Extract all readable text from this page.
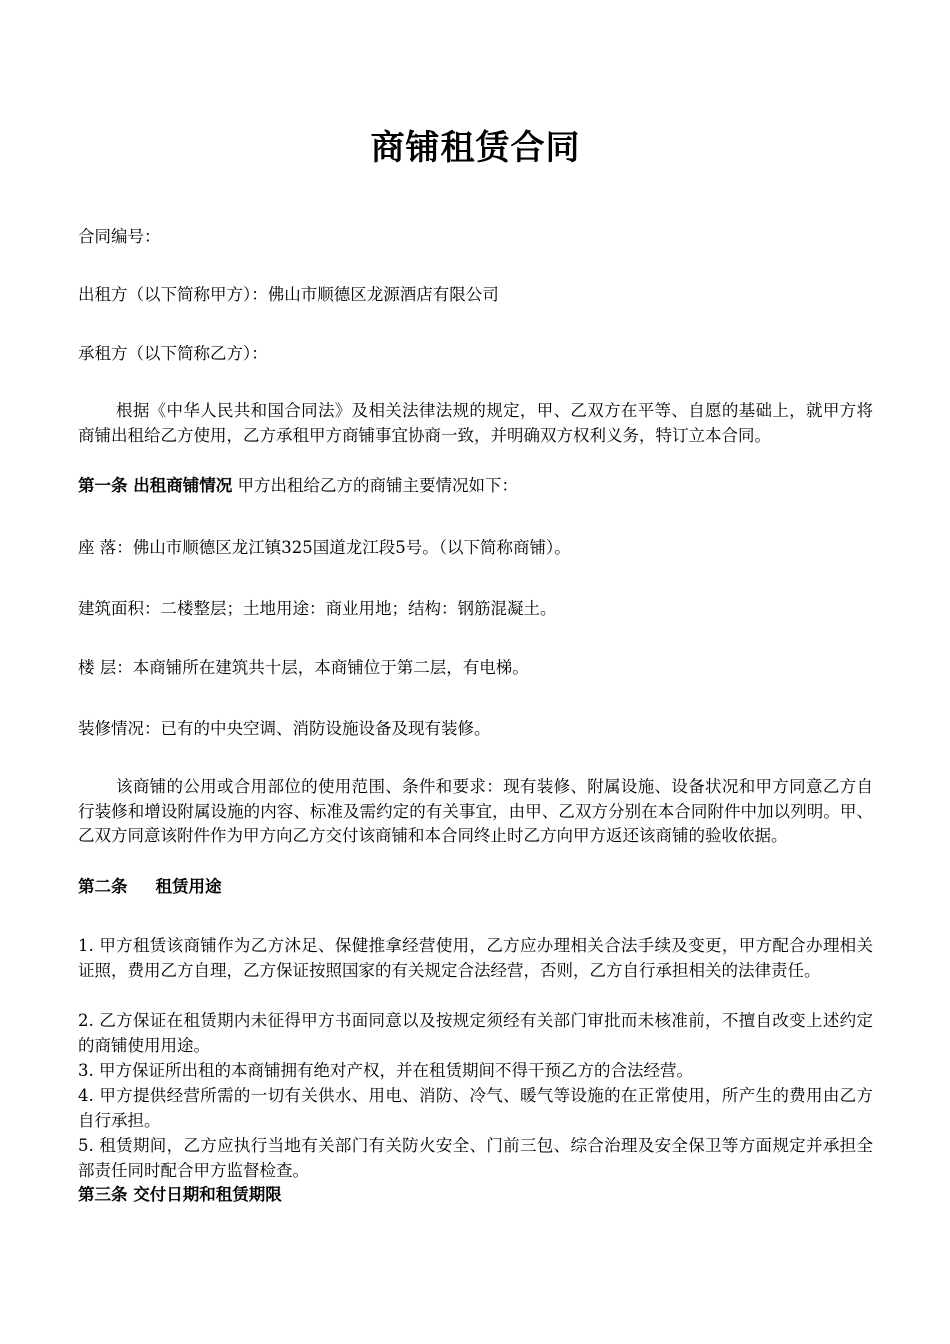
商铺租赁合同
合同编号：
出租方（以下简称甲方）：佛山市顺德区龙源酒店有限公司
承租方（以下简称乙方）：
根据《中华人民共和国合同法》及相关法律法规的规定，甲、乙双方在平等、自愿的基础上，就甲方将商铺出租给乙方使用，乙方承租甲方商铺事宜协商一致，并明确双方权利义务，特订立本合同。
第一条 出租商铺情况 甲方出租给乙方的商铺主要情况如下：
座 落：佛山市顺德区龙江镇325国道龙江段5号。（以下简称商铺）。
建筑面积：二楼整层；土地用途：商业用地；结构：钢筋混凝土。
楼 层：本商铺所在建筑共十层，本商铺位于第二层，有电梯。
装修情况：已有的中央空调、消防设施设备及现有装修。
该商铺的公用或合用部位的使用范围、条件和要求：现有装修、附属设施、设备状况和甲方同意乙方自行装修和增设附属设施的内容、标准及需约定的有关事宜，由甲、乙双方分别在本合同附件中加以列明。甲、乙双方同意该附件作为甲方向乙方交付该商铺和本合同终止时乙方向甲方返还该商铺的验收依据。
第二条 租赁用途
1. 甲方租赁该商铺作为乙方沐足、保健推拿经营使用，乙方应办理相关合法手续及变更，甲方配合办理相关证照，费用乙方自理，乙方保证按照国家的有关规定合法经营，否则，乙方自行承担相关的法律责任。
2. 乙方保证在租赁期内未征得甲方书面同意以及按规定须经有关部门审批而未核准前，不擅自改变上述约定的商铺使用用途。
3. 甲方保证所出租的本商铺拥有绝对产权，并在租赁期间不得干预乙方的合法经营。
4. 甲方提供经营所需的一切有关供水、用电、消防、冷气、暖气等设施的在正常使用，所产生的费用由乙方自行承担。
5. 租赁期间，乙方应执行当地有关部门有关防火安全、门前三包、综合治理及安全保卫等方面规定并承担全部责任同时配合甲方监督检查。
第三条 交付日期和租赁期限
